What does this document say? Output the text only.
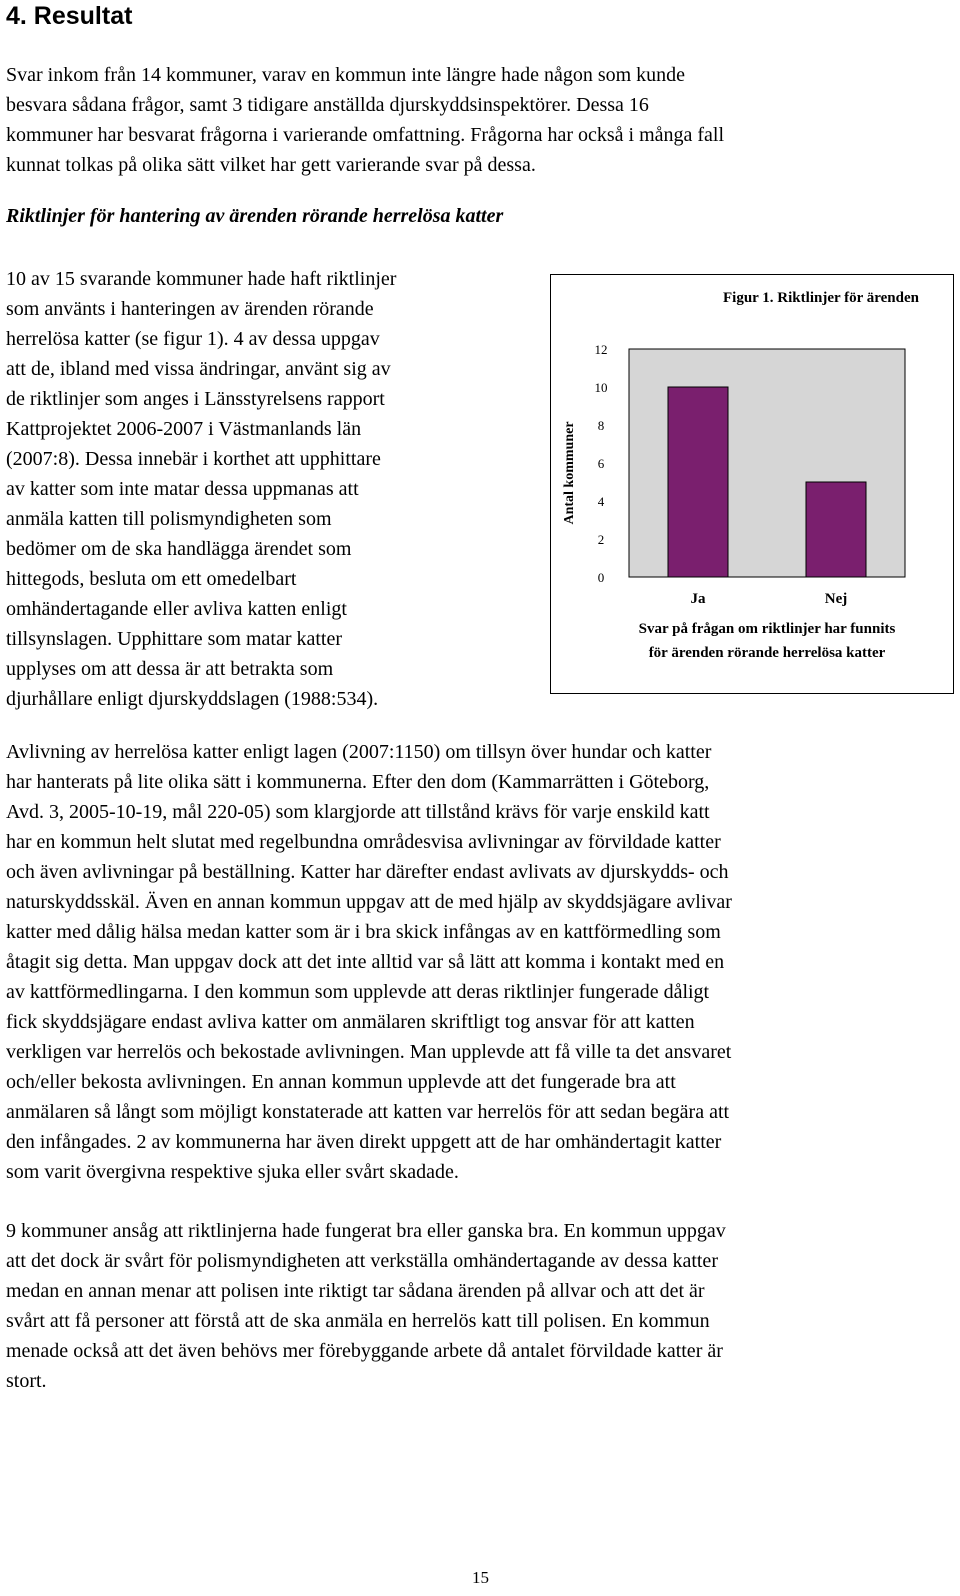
4. Resultat
Svar inkom från 14 kommuner, varav en kommun inte längre hade någon som kunde
besvara sådana frågor, samt 3 tidigare anställda djurskyddsinspektörer. Dessa 16
kommuner har besvarat frågorna i varierande omfattning. Frågorna har också i många fall
kunnat tolkas på olika sätt vilket har gett varierande svar på dessa.
Riktlinjer för hantering av ärenden rörande herrelösa katter
10 av 15 svarande kommuner hade haft riktlinjer
som använts i hanteringen av ärenden rörande
herrelösa katter (se figur 1). 4 av dessa uppgav
att de, ibland med vissa ändringar, använt sig av
de riktlinjer som anges i Länsstyrelsens rapport
Kattprojektet 2006-2007 i Västmanlands län
(2007:8). Dessa innebär i korthet att upphittare
av katter som inte matar dessa uppmanas att
anmäla katten till polismyndigheten som
bedömer om de ska handlägga ärendet som
hittegods, besluta om ett omedelbart
omhändertagande eller avliva katten enligt
tillsynslagen. Upphittare som matar katter
upplyses om att dessa är att betrakta som
djurhållare enligt djurskyddslagen (1988:534).
Figur 1. Riktlinjer för ärenden
0
2
4
6
8
10
12
Ja	Nej
Antal kommuner
Svar på frågan om riktlinjer har funnits
för ärenden rörande herrelösa katter
Avlivning av herrelösa katter enligt lagen (2007:1150) om tillsyn över hundar och katter
har hanterats på lite olika sätt i kommunerna. Efter den dom (Kammarrätten i Göteborg,
Avd. 3, 2005-10-19, mål 220-05) som klargjorde att tillstånd krävs för varje enskild katt
har en kommun helt slutat med regelbundna områdesvisa avlivningar av förvildade katter
och även avlivningar på beställning. Katter har därefter endast avlivats av djurskydds- och
naturskyddsskäl. Även en annan kommun uppgav att de med hjälp av skyddsjägare avlivar
katter med dålig hälsa medan katter som är i bra skick infångas av en kattförmedling som
åtagit sig detta. Man uppgav dock att det inte alltid var så lätt att komma i kontakt med en
av kattförmedlingarna. I den kommun som upplevde att deras riktlinjer fungerade dåligt
fick skyddsjägare endast avliva katter om anmälaren skriftligt tog ansvar för att katten
verkligen var herrelös och bekostade avlivningen. Man upplevde att få ville ta det ansvaret
och/eller bekosta avlivningen. En annan kommun upplevde att det fungerade bra att
anmälaren så långt som möjligt konstaterade att katten var herrelös för att sedan begära att
den infångades. 2 av kommunerna har även direkt uppgett att de har omhändertagit katter
som varit övergivna respektive sjuka eller svårt skadade.
9 kommuner ansåg att riktlinjerna hade fungerat bra eller ganska bra. En kommun uppgav
att det dock är svårt för polismyndigheten att verkställa omhändertagande av dessa katter
medan en annan menar att polisen inte riktigt tar sådana ärenden på allvar och att det är
svårt att få personer att förstå att de ska anmäla en herrelös katt till polisen. En kommun
menade också att det även behövs mer förebyggande arbete då antalet förvildade katter är
stort.
15
